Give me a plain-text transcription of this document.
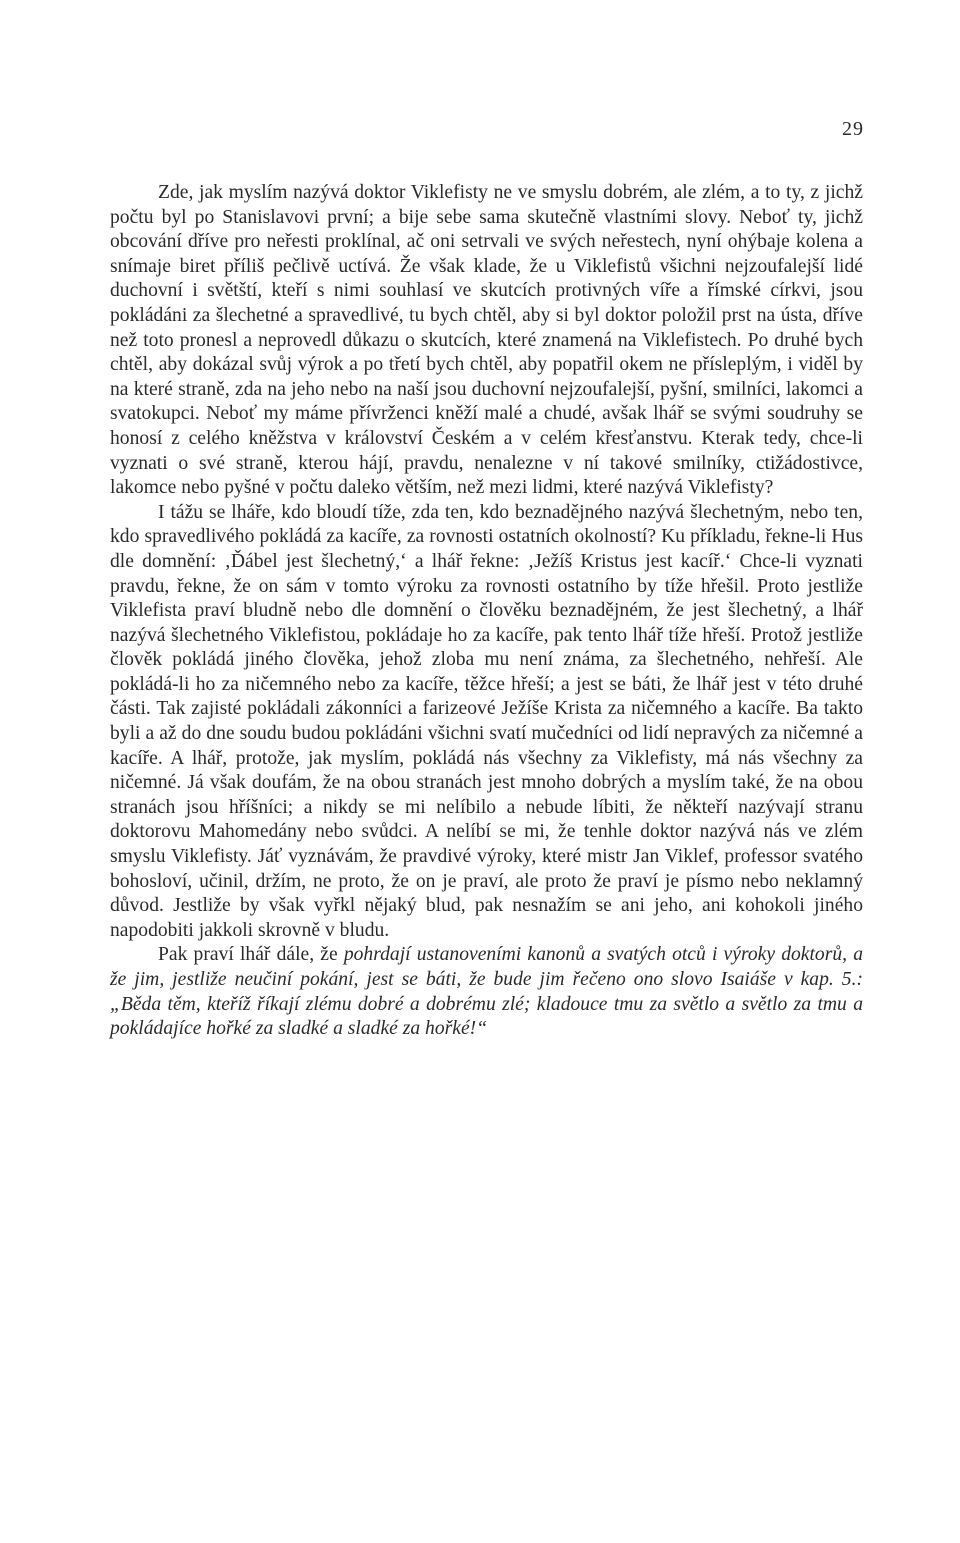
29

Zde, jak myslím nazývá doktor Viklefisty ne ve smyslu dobrém, ale zlém, a to ty, z jichž počtu byl po Stanislavovi první; a bije sebe sama skutečně vlastními slovy. Neboť ty, jichž obcování dříve pro neřesti proklínal, ač oni setrvali ve svých neřestech, nyní ohýbaje kolena a snímaje biret příliš pečlivě uctívá. Že však klade, že u Viklefistů všichni nejzoufalejší lidé duchovní i světští, kteří s nimi souhlasí ve skutcích protivných víře a římské církvi, jsou pokládáni za šlechetné a spravedlivé, tu bych chtěl, aby si byl doktor položil prst na ústa, dříve než toto pronesl a neprovedl důkazu o skutcích, které znamená na Viklefistech. Po druhé bych chtěl, aby dokázal svůj výrok a po třetí bych chtěl, aby popatřil okem ne přísleplým, i viděl by na které straně, zda na jeho nebo na naší jsou duchovní nejzoufalejší, pyšní, smilníci, lakomci a svatokupci. Neboť my máme přívrženci kněží malé a chudé, avšak lhář se svými soudruhy se honosí z celého kněžstva v království Českém a v celém křesťanstvu. Kterak tedy, chce-li vyznati o své straně, kterou hájí, pravdu, nenalezne v ní takové smilníky, ctižádostivce, lakomce nebo pyšné v počtu daleko větším, než mezi lidmi, které nazývá Viklefisty?

I tážu se lháře, kdo bloudí tíže, zda ten, kdo beznadějného nazývá šlechetným, nebo ten, kdo spravedlivého pokládá za kacíře, za rovnosti ostatních okolností? Ku příkladu, řekne-li Hus dle domnění: ‚Ďábel jest šlechetný,‘ a lhář řekne: ‚Ježíš Kristus jest kacíř.‘ Chce-li vyznati pravdu, řekne, že on sám v tomto výroku za rovnosti ostatního by tíže hřešil. Proto jestliže Viklefista praví bludně nebo dle domnění o člověku beznadějném, že jest šlechetný, a lhář nazývá šlechetného Viklefistou, pokládaje ho za kacíře, pak tento lhář tíže hřeší. Protož jestliže člověk pokládá jiného člověka, jehož zloba mu není známa, za šlechetného, nehřeší. Ale pokládá-li ho za ničemného nebo za kacíře, těžce hřeší; a jest se báti, že lhář jest v této druhé části. Tak zajisté pokládali zákonníci a farizeové Ježíše Krista za ničemného a kacíře. Ba takto byli a až do dne soudu budou pokládáni všichni svatí mučedníci od lidí nepravých za ničemné a kacíře. A lhář, protože, jak myslím, pokládá nás všechny za Viklefisty, má nás všechny za ničemné. Já však doufám, že na obou stranách jest mnoho dobrých a myslím také, že na obou stranách jsou hříšníci; a nikdy se mi nelíbilo a nebude líbiti, že někteří nazývají stranu doktorovu Mahomedány nebo svůdci. A nelíbí se mi, že tenhle doktor nazývá nás ve zlém smyslu Viklefisty. Jáť vyznávám, že pravdivé výroky, které mistr Jan Viklef, professor svatého bohosloví, učinil, držím, ne proto, že on je praví, ale proto že praví je písmo nebo neklamný důvod. Jestliže by však vyřkl nějaký blud, pak nesnažím se ani jeho, ani kohokoli jiného napodobiti jakkoli skrovně v bludu.

Pak praví lhář dále, že pohrdají ustanoveními kanonů a svatých otců i výroky doktorů, a že jim, jestliže neučiní pokání, jest se báti, že bude jim řečeno ono slovo Isaiáše v kap. 5.: „Běda těm, kteříž říkají zlému dobré a dobrému zlé; kladouce tmu za světlo a světlo za tmu a pokládajíce hořké za sladké a sladké za hořké!“
